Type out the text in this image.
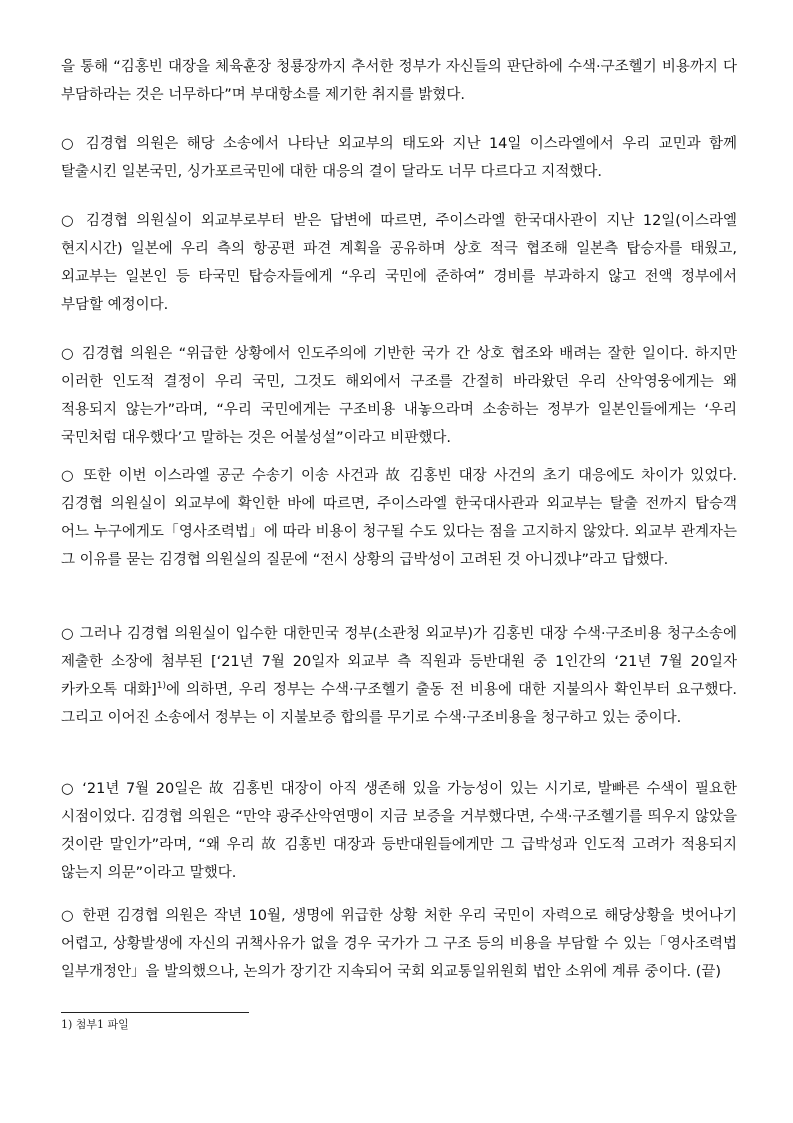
을 통해 “김홍빈 대장을 체육훈장 청룡장까지 추서한 정부가 자신들의 판단하에 수색·구조헬기 비용까지 다 부담하라는 것은 너무하다”며 부대항소를 제기한 취지를 밝혔다.

○ 김경협 의원은 해당 소송에서 나타난 외교부의 태도와 지난 14일 이스라엘에서 우리 교민과 함께 탈출시킨 일본국민, 싱가포르국민에 대한 대응의 결이 달라도 너무 다르다고 지적했다.

○ 김경협 의원실이 외교부로부터 받은 답변에 따르면, 주이스라엘 한국대사관이 지난 12일(이스라엘 현지시간) 일본에 우리 측의 항공편 파견 계획을 공유하며 상호 적극 협조해 일본측 탑승자를 태웠고, 외교부는 일본인 등 타국민 탑승자들에게 “우리 국민에 준하여” 경비를 부과하지 않고 전액 정부에서 부담할 예정이다.

○ 김경협 의원은 “위급한 상황에서 인도주의에 기반한 국가 간 상호 협조와 배려는 잘한 일이다. 하지만 이러한 인도적 결정이 우리 국민, 그것도 해외에서 구조를 간절히 바라왔던 우리 산악영웅에게는 왜 적용되지 않는가”라며, “우리 국민에게는 구조비용 내놓으라며 소송하는 정부가 일본인들에게는 ‘우리 국민처럼 대우했다’고 말하는 것은 어불성설”이라고 비판했다.

○ 또한 이번 이스라엘 공군 수송기 이송 사건과 故 김홍빈 대장 사건의 초기 대응에도 차이가 있었다. 김경협 의원실이 외교부에 확인한 바에 따르면, 주이스라엘 한국대사관과 외교부는 탈출 전까지 탑승객 어느 누구에게도「영사조력법」에 따라 비용이 청구될 수도 있다는 점을 고지하지 않았다. 외교부 관계자는 그 이유를 묻는 김경협 의원실의 질문에 “전시 상황의 급박성이 고려된 것 아니겠냐”라고 답했다.

○ 그러나 김경협 의원실이 입수한 대한민국 정부(소관청 외교부)가 김홍빈 대장 수색·구조비용 청구소송에 제출한 소장에 첨부된 [‘21년 7월 20일자 외교부 측 직원과 등반대원 중 1인간의 ‘21년 7월 20일자 카카오톡 대화]$^{1)}$에 의하면, 우리 정부는 수색·구조헬기 출동 전 비용에 대한 지불의사 확인부터 요구했다. 그리고 이어진 소송에서 정부는 이 지불보증 합의를 무기로 수색·구조비용을 청구하고 있는 중이다.

○ ‘21년 7월 20일은 故 김홍빈 대장이 아직 생존해 있을 가능성이 있는 시기로, 발빠른 수색이 필요한 시점이었다. 김경협 의원은 “만약 광주산악연맹이 지금 보증을 거부했다면, 수색·구조헬기를 띄우지 않았을 것이란 말인가”라며, “왜 우리 故 김홍빈 대장과 등반대원들에게만 그 급박성과 인도적 고려가 적용되지 않는지 의문”이라고 말했다.

○ 한편 김경협 의원은 작년 10월, 생명에 위급한 상황 처한 우리 국민이 자력으로 해당상황을 벗어나기 어렵고, 상황발생에 자신의 귀책사유가 없을 경우 국가가 그 구조 등의 비용을 부담할 수 있는「영사조력법 일부개정안」을 발의했으나, 논의가 장기간 지속되어 국회 외교통일위원회 법안 소위에 계류 중이다. (끝)

1) 첨부1 파일
